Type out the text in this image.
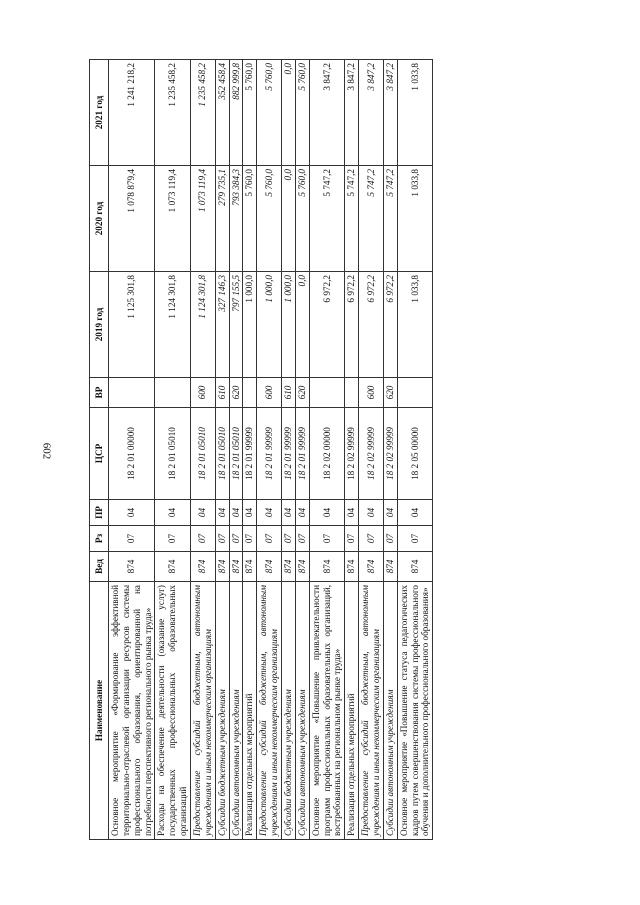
602
Наименование	Вед	Рз	ПР	ЦСР	ВР	2019 год	2020 год	2021 год
Основное мероприятие «Формирование эффективной территориально-отраслевой организации ресурсов системы профессионального образования, ориентированной на потребности перспективного регионального рынка труда»	874	07	04	18 2 01 00000		1 125 301,8	1 078 879,4	1 241 218,2
Расходы на обеспечение деятельности (оказание услуг) государственных профессиональных образовательных организаций	874	07	04	18 2 01 05010		1 124 301,8	1 073 119,4	1 235 458,2
Предоставление субсидий бюджетным, автономным учреждениям и иным некоммерческим организациям	874	07	04	18 2 01 05010	600	1 124 301,8	1 073 119,4	1 235 458,2
Субсидии бюджетным учреждениям	874	07	04	18 2 01 05010	610	327 146,3	279 735,1	352 458,4
Субсидии автономным учреждениям	874	07	04	18 2 01 05010	620	797 155,5	793 384,3	882 999,8
Реализация отдельных мероприятий	874	07	04	18 2 01 99999		1 000,0	5 760,0	5 760,0
Предоставление субсидий бюджетным, автономным учреждениям и иным некоммерческим организациям	874	07	04	18 2 01 99999	600	1 000,0	5 760,0	5 760,0
Субсидии бюджетным учреждениям	874	07	04	18 2 01 99999	610	1 000,0	0,0	0,0
Субсидии автономным учреждениям	874	07	04	18 2 01 99999	620	0,0	5 760,0	5 760,0
Основное мероприятие «Повышение привлекательности программ профессиональных образовательных организаций, востребованных на региональном рынке труда»	874	07	04	18 2 02 00000		6 972,2	5 747,2	3 847,2
Реализация отдельных мероприятий	874	07	04	18 2 02 99999		6 972,2	5 747,2	3 847,2
Предоставление субсидий бюджетным, автономным учреждениям и иным некоммерческим организациям	874	07	04	18 2 02 99999	600	6 972,2	5 747,2	3 847,2
Субсидии автономным учреждениям	874	07	04	18 2 02 99999	620	6 972,2	5 747,2	3 847,2
Основное мероприятие «Повышение статуса педагогических кадров путем совершенствования системы профессионального обучения и дополнительного профессионального образования»	874	07	04	18 2 05 00000		1 033,8	1 033,8	1 033,8
